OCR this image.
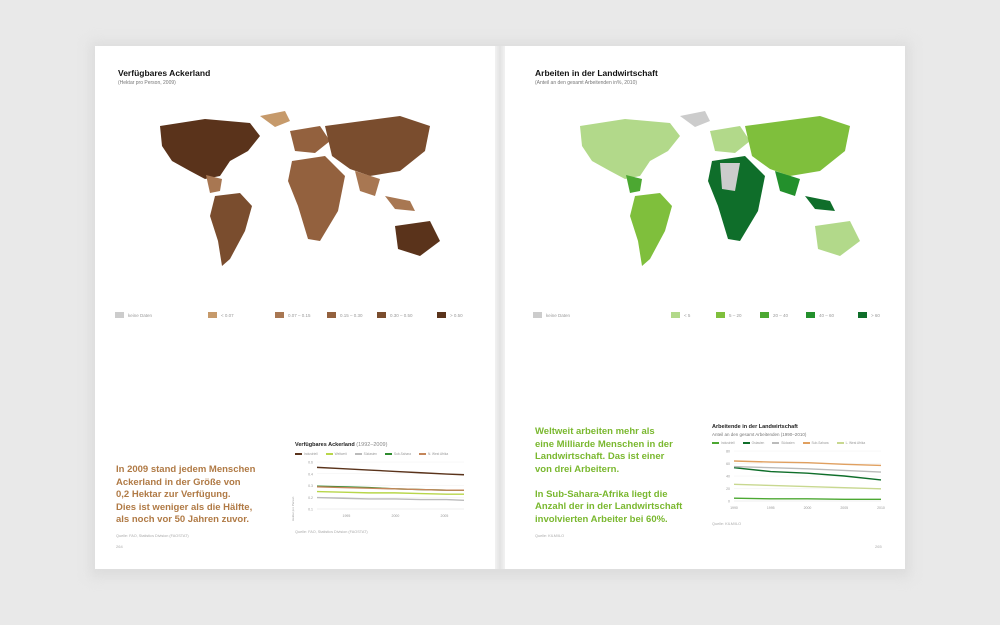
Verfügbares Ackerland
(Hektar pro Person, 2009)
keine Daten	< 0.07	0.07 – 0.15	0.15 – 0.30	0.30 – 0.50	> 0.50
In 2009 stand jedem Menschen
Ackerland in der Größe von
0,2 Hektar zur Verfügung.
Dies ist weniger als die Hälfte,
als noch vor 50 Jahren zuvor.
Quelle: FAO, Statistics Division (FAOSTAT)
264
Verfügbares Ackerland (1992–2009)
Industriell	Weltweit	Südasien	Sub-Sahara	N. West Afrika
0.6
0.4
0.3
0.2
0.1
1995	2000	2005
Quelle: FAO, Statistics Division (FAOSTAT)
Hektar pro Person
Arbeiten in der Landwirtschaft
(Anteil an den gesamt Arbeitenden in%, 2010)
keine Daten	< 5	5 – 20	20 – 40	40 – 60	> 60
Weltweit arbeiten mehr als
eine Milliarde Menschen in der
Landwirtschaft. Das ist einer
von drei Arbeitern.
In Sub-Sahara-Afrika liegt die
Anzahl der in der Landwirtschaft
involvierten Arbeiter bei 60%.
Quelle: KILM/ILO
265
Arbeitende in der Landwirtschaft
Anteil an den gesamt Arbeitenden (1990–2010)
Industriell	Ostasien	Südasien	Sub-Sahara	L. West Afrika
80
60
40
20
0
1990	1995	2000	2005	2010
Quelle: KILM/ILO
